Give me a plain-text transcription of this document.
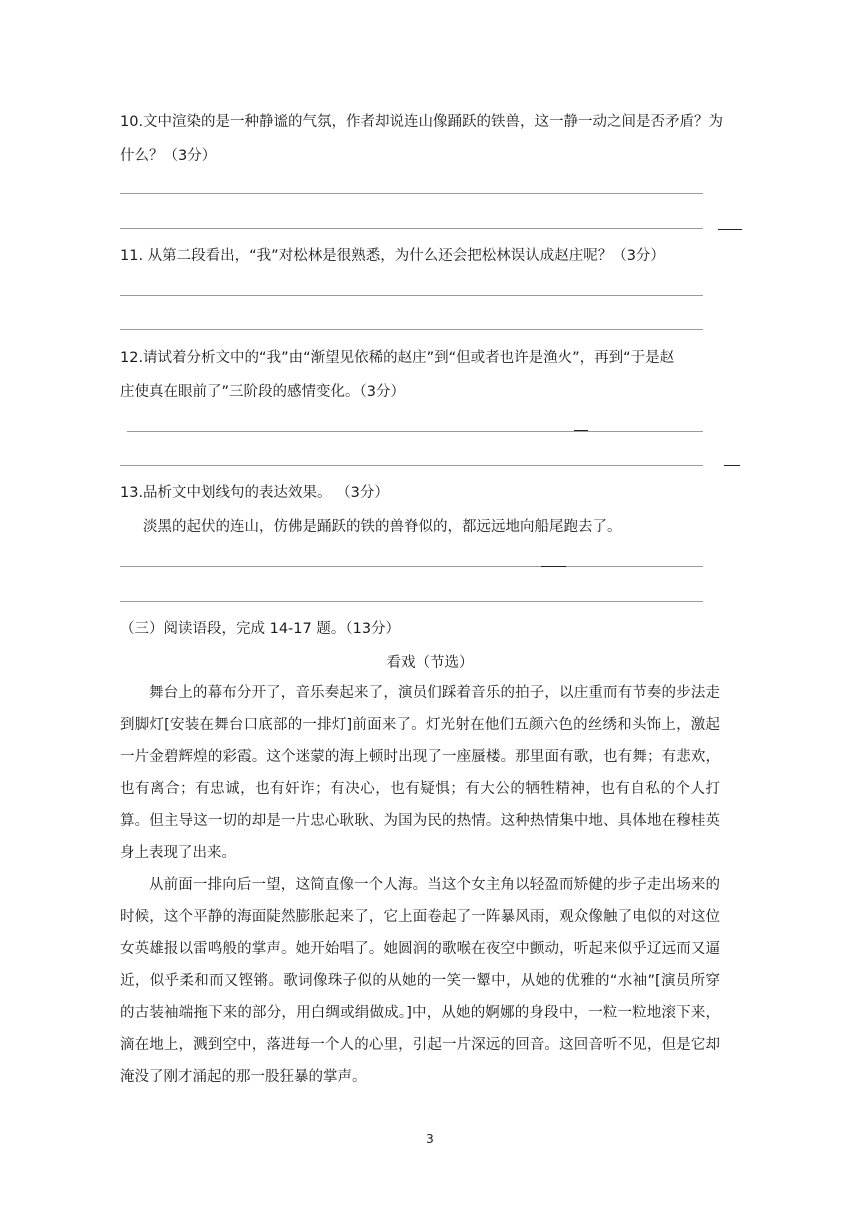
10.文中渲染的是一种静谧的气氛，作者却说连山像踊跃的铁兽，这一静一动之间是否矛盾？为

什么？（3分）

11. 从第二段看出，“我”对松林是很熟悉，为什么还会把松林误认成赵庄呢？（3分）

12.请试着分析文中的“我”由“渐望见依稀的赵庄”到“但或者也许是渔火”，再到“于是赵

庄使真在眼前了”三阶段的感情变化。（3分）

13.品析文中划线句的表达效果。 （3分）

淡黑的起伏的连山，仿佛是踊跃的铁的兽脊似的，都远远地向船尾跑去了。

（三）阅读语段，完成 14-17 题。（13分）

看戏（节选）

舞台上的幕布分开了，音乐奏起来了，演员们踩着音乐的拍子，以庄重而有节奏的步法走到脚灯[安装在舞台口底部的一排灯]前面来了。灯光射在他们五颜六色的丝绣和头饰上，激起一片金碧辉煌的彩霞。这个迷蒙的海上顿时出现了一座蜃楼。那里面有歌，也有舞；有悲欢，也有离合；有忠诚，也有奸诈；有决心，也有疑惧；有大公的牺牲精神，也有自私的个人打算。但主导这一切的却是一片忠心耿耿、为国为民的热情。这种热情集中地、具体地在穆桂英身上表现了出来。

从前面一排向后一望，这简直像一个人海。当这个女主角以轻盈而矫健的步子走出场来的时候，这个平静的海面陡然膨胀起来了，它上面卷起了一阵暴风雨，观众像触了电似的对这位女英雄报以雷鸣般的掌声。她开始唱了。她圆润的歌喉在夜空中颤动，听起来似乎辽远而又逼近，似乎柔和而又铿锵。歌词像珠子似的从她的一笑一颦中，从她的优雅的“水袖”[演员所穿的古装袖端拖下来的部分，用白绸或绢做成。]中，从她的婀娜的身段中，一粒一粒地滚下来，滴在地上，溅到空中，落进每一个人的心里，引起一片深远的回音。这回音听不见，但是它却淹没了刚才涌起的那一股狂暴的掌声。

3
